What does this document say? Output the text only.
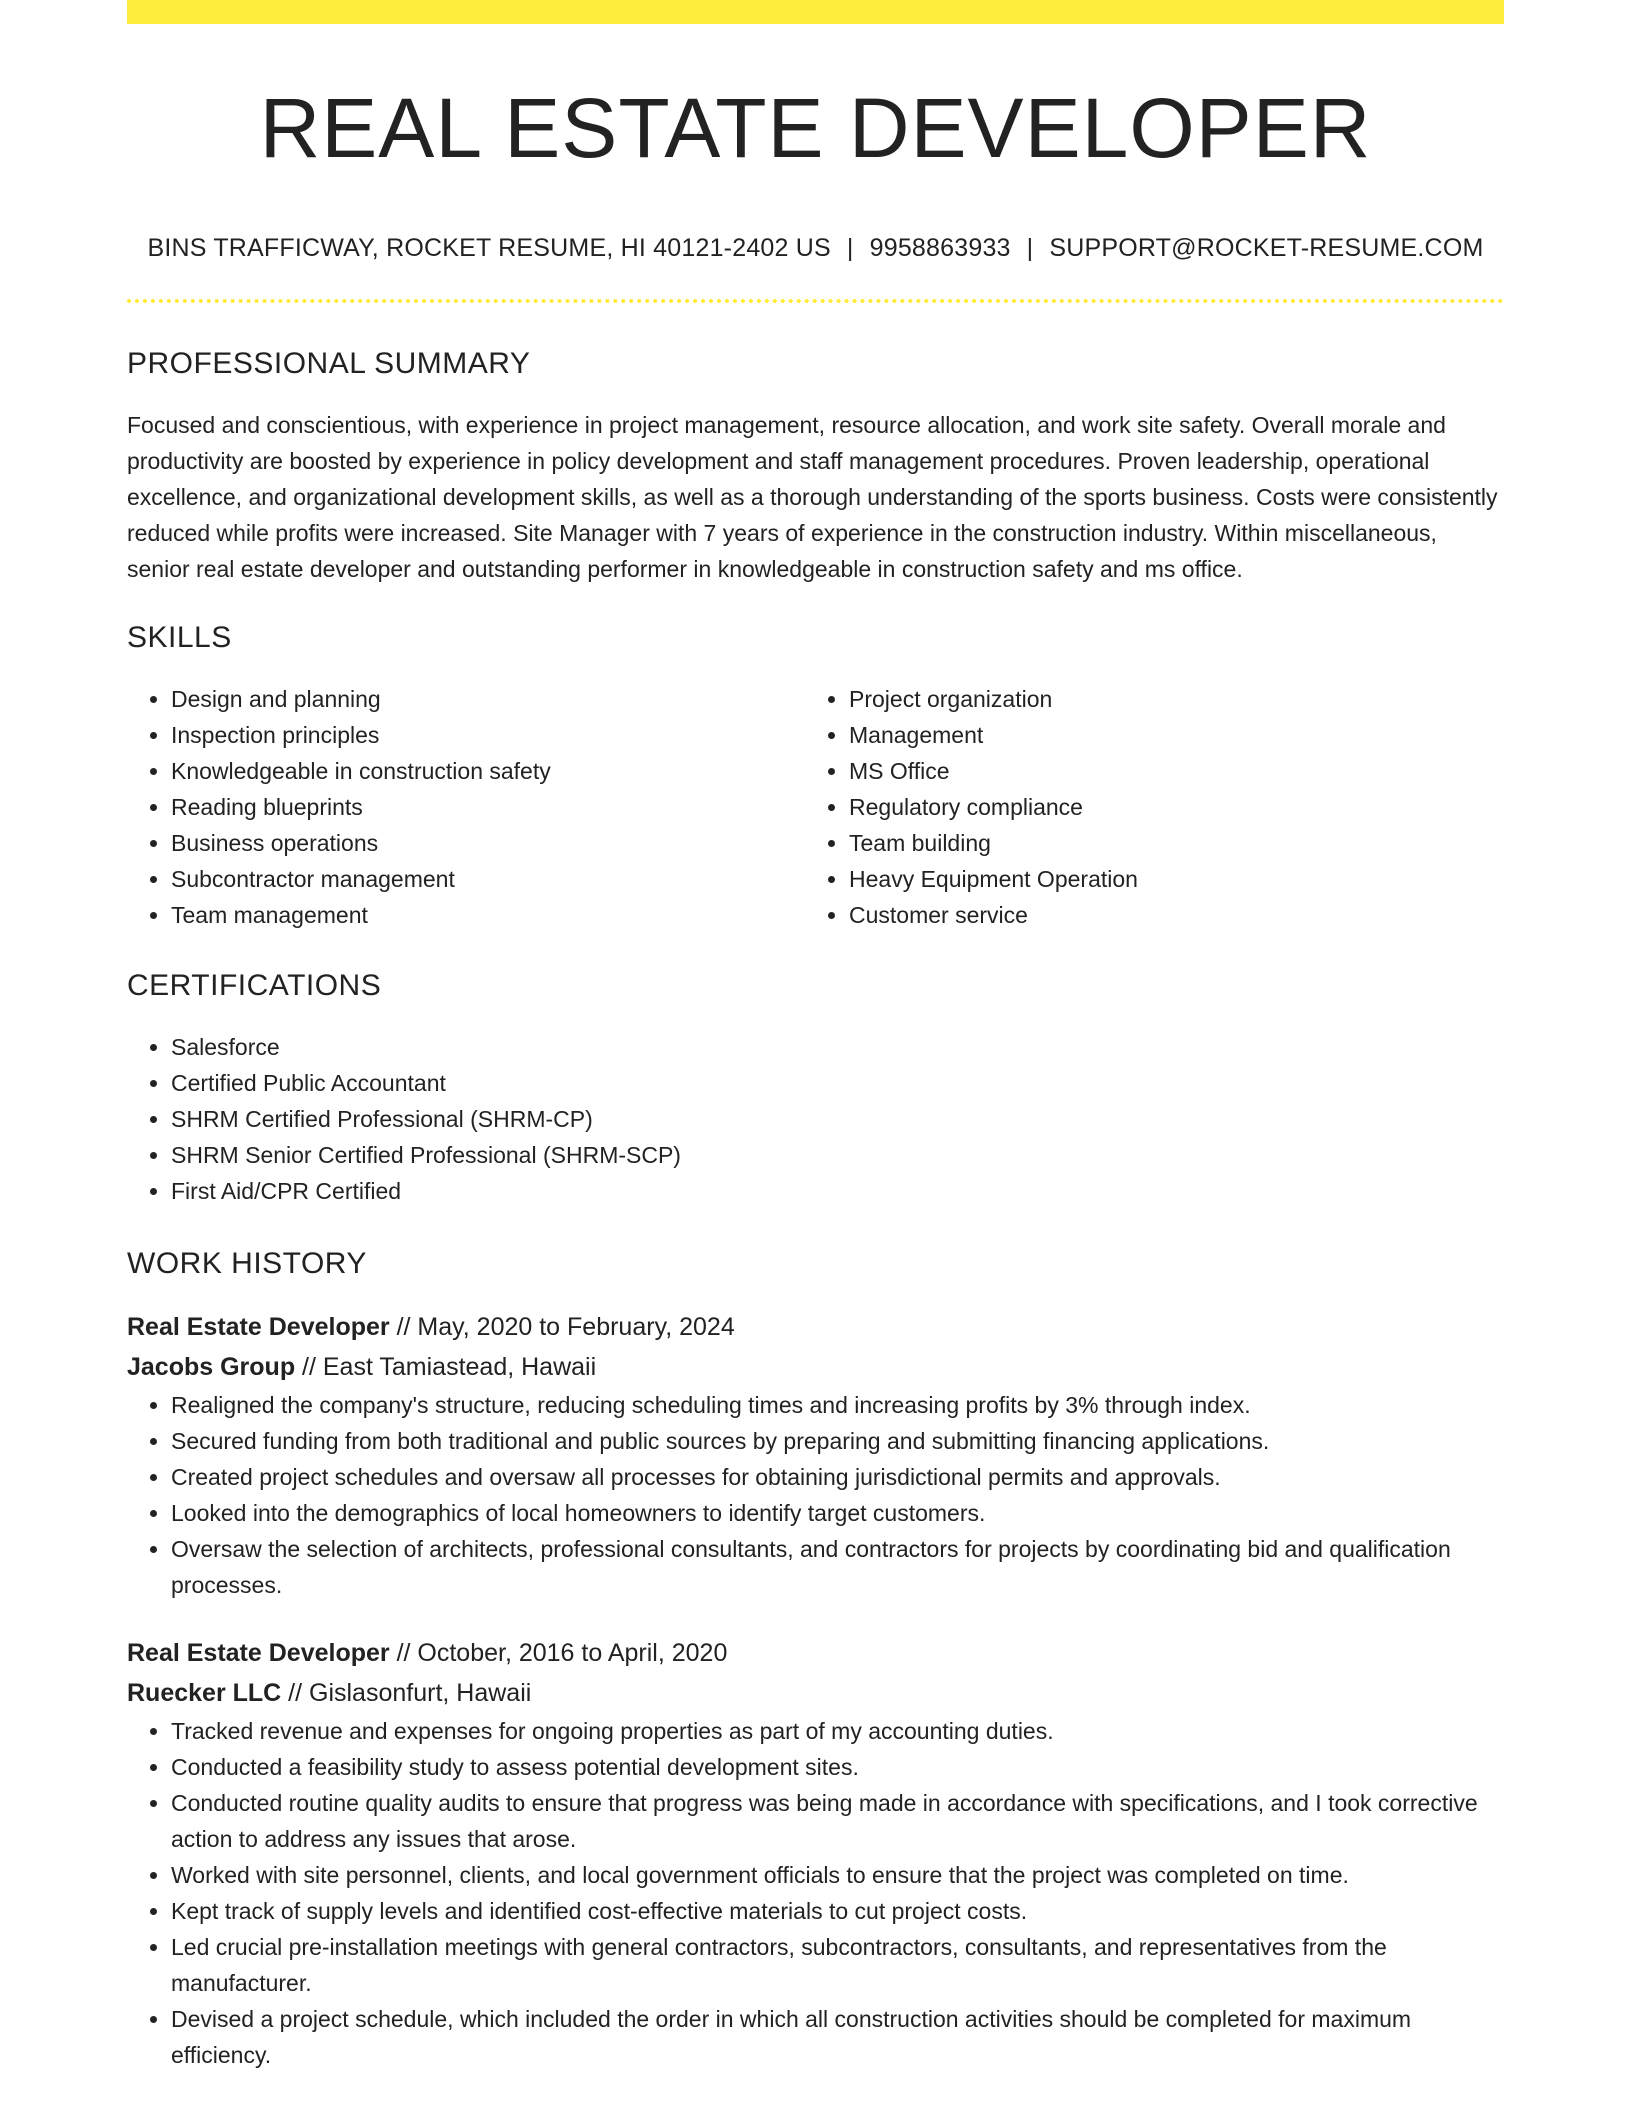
REAL ESTATE DEVELOPER
BINS TRAFFICWAY, ROCKET RESUME, HI 40121-2402 US | 9958863933 | SUPPORT@ROCKET-RESUME.COM
PROFESSIONAL SUMMARY

Focused and conscientious, with experience in project management, resource allocation, and work site safety. Overall morale and productivity are boosted by experience in policy development and staff management procedures. Proven leadership, operational excellence, and organizational development skills, as well as a thorough understanding of the sports business. Costs were consistently reduced while profits were increased. Site Manager with 7 years of experience in the construction industry. Within miscellaneous, senior real estate developer and outstanding performer in knowledgeable in construction safety and ms office.

SKILLS
• Design and planning
• Inspection principles
• Knowledgeable in construction safety
• Reading blueprints
• Business operations
• Subcontractor management
• Team management
• Project organization
• Management
• MS Office
• Regulatory compliance
• Team building
• Heavy Equipment Operation
• Customer service
CERTIFICATIONS
• Salesforce
• Certified Public Accountant
• SHRM Certified Professional (SHRM-CP)
• SHRM Senior Certified Professional (SHRM-SCP)
• First Aid/CPR Certified
WORK HISTORY
Real Estate Developer // May, 2020 to February, 2024
Jacobs Group // East Tamiastead, Hawaii
• Realigned the company's structure, reducing scheduling times and increasing profits by 3% through index.
• Secured funding from both traditional and public sources by preparing and submitting financing applications.
• Created project schedules and oversaw all processes for obtaining jurisdictional permits and approvals.
• Looked into the demographics of local homeowners to identify target customers.
• Oversaw the selection of architects, professional consultants, and contractors for projects by coordinating bid and qualification processes.
Real Estate Developer // October, 2016 to April, 2020
Ruecker LLC // Gislasonfurt, Hawaii
• Tracked revenue and expenses for ongoing properties as part of my accounting duties.
• Conducted a feasibility study to assess potential development sites.
• Conducted routine quality audits to ensure that progress was being made in accordance with specifications, and I took corrective action to address any issues that arose.
• Worked with site personnel, clients, and local government officials to ensure that the project was completed on time.
• Kept track of supply levels and identified cost-effective materials to cut project costs.
• Led crucial pre-installation meetings with general contractors, subcontractors, consultants, and representatives from the manufacturer.
• Devised a project schedule, which included the order in which all construction activities should be completed for maximum efficiency.
